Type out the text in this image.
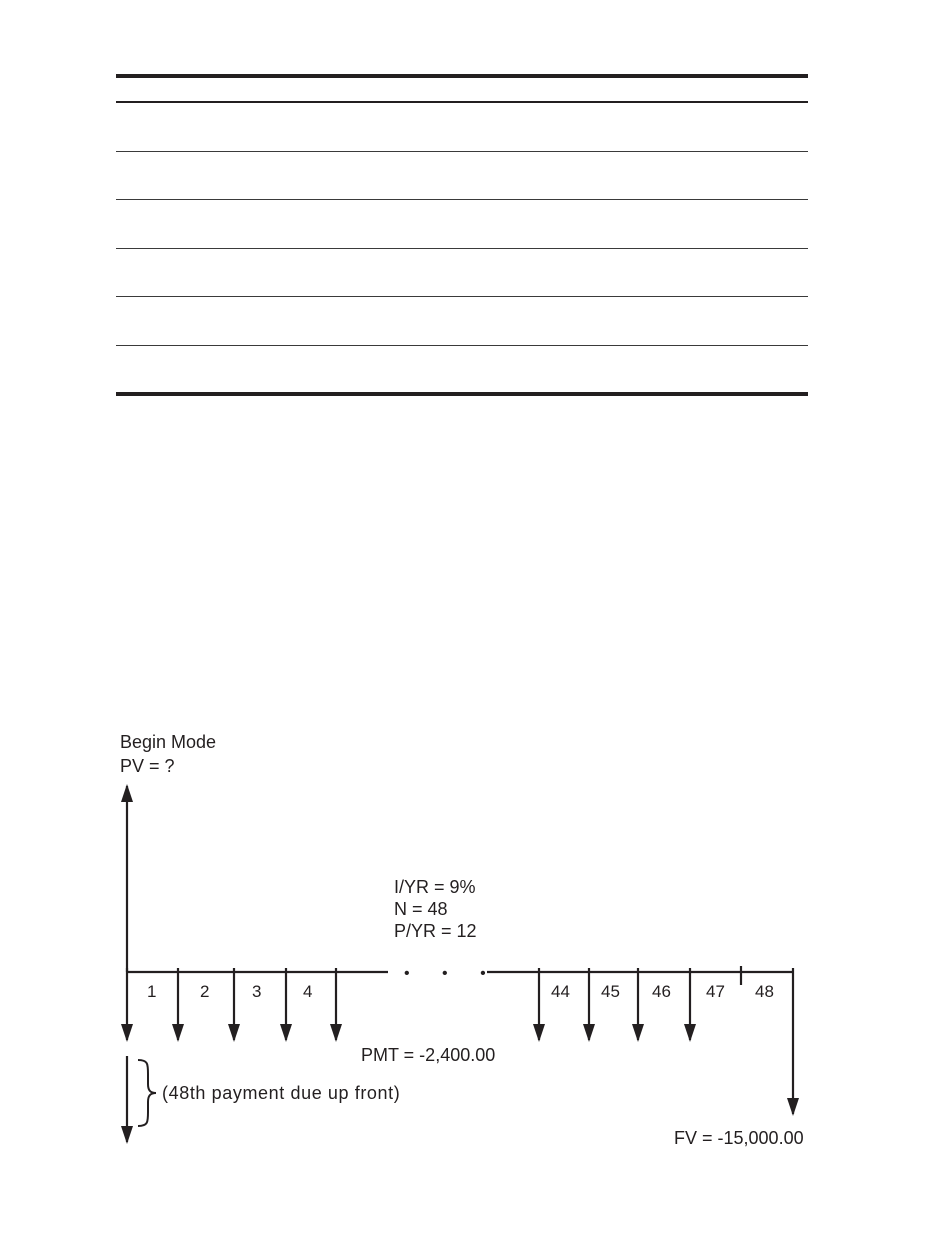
Begin Mode
PV = ?
I/YR = 9%
N = 48
P/YR = 12
1	2	3 4	44 45 46 47 48
• • •
PMT = -2,400.00
(48th payment due up front)
FV = -15,000.00
